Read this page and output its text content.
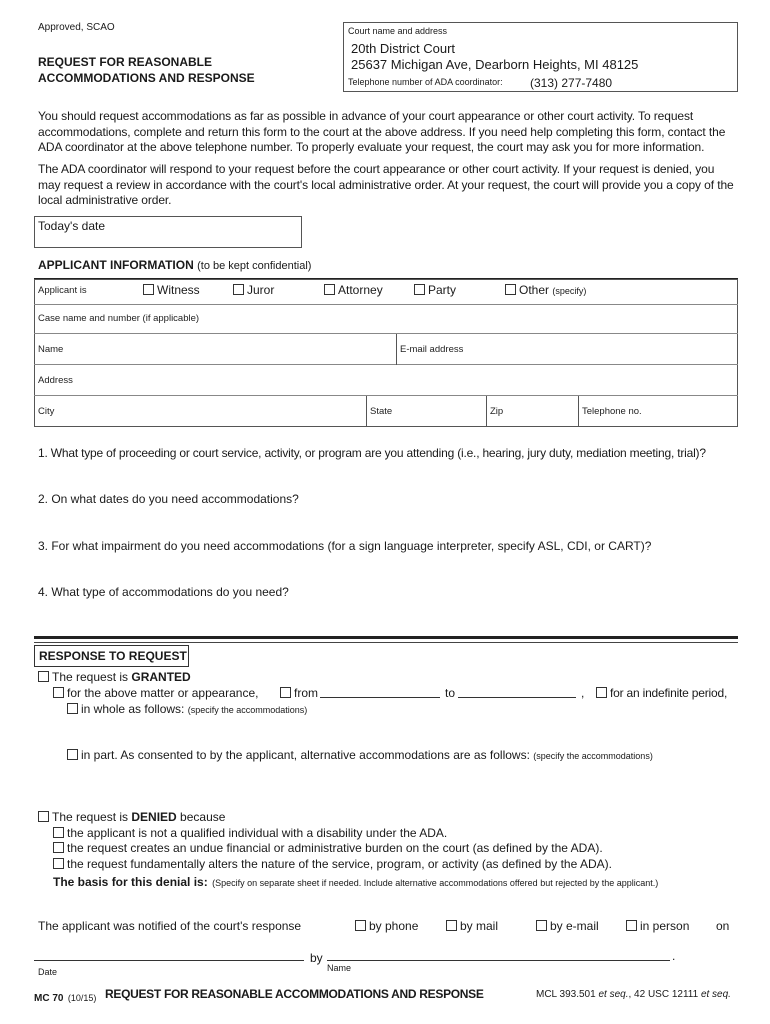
Approved, SCAO
REQUEST FOR REASONABLE
ACCOMMODATIONS AND RESPONSE
Court name and address
20th District Court
25637 Michigan Ave, Dearborn Heights, MI 48125
Telephone number of ADA coordinator: (313) 277-7480
You should request accommodations as far as possible in advance of your court appearance or other court activity. To request accommodations, complete and return this form to the court at the above address. If you need help completing this form, contact the ADA coordinator at the above telephone number. To properly evaluate your request, the court may ask you for more information.
The ADA coordinator will respond to your request before the court appearance or other court activity. If your request is denied, you may request a review in accordance with the court's local administrative order. At your request, the court will provide you a copy of the local administrative order.
Today's date
APPLICANT INFORMATION (to be kept confidential)
Applicant is	Witness	Juror	Attorney	Party	Other (specify)
Case name and number (if applicable)
Name	E-mail address
Address
City	State	Zip	Telephone no.
1. What type of proceeding or court service, activity, or program are you attending (i.e., hearing, jury duty, mediation meeting, trial)?
2. On what dates do you need accommodations?
3. For what impairment do you need accommodations (for a sign language interpreter, specify ASL, CDI, or CART)?
4. What type of accommodations do you need?
RESPONSE TO REQUEST
The request is GRANTED
for the above matter or appearance,	from	to	,	for an indefinite period,
in whole as follows: (specify the accommodations)
in part. As consented to by the applicant, alternative accommodations are as follows: (specify the accommodations)
The request is DENIED because
the applicant is not a qualified individual with a disability under the ADA.
the request creates an undue financial or administrative burden on the court (as defined by the ADA).
the request fundamentally alters the nature of the service, program, or activity (as defined by the ADA).
The basis for this denial is: (Specify on separate sheet if needed. Include alternative accommodations offered but rejected by the applicant.)
The applicant was notified of the court's response	by phone	by mail	by e-mail	in person on
by	.
Date	Name
MC 70 (10/15) REQUEST FOR REASONABLE ACCOMMODATIONS AND RESPONSE	MCL 393.501 et seq., 42 USC 12111 et seq.
